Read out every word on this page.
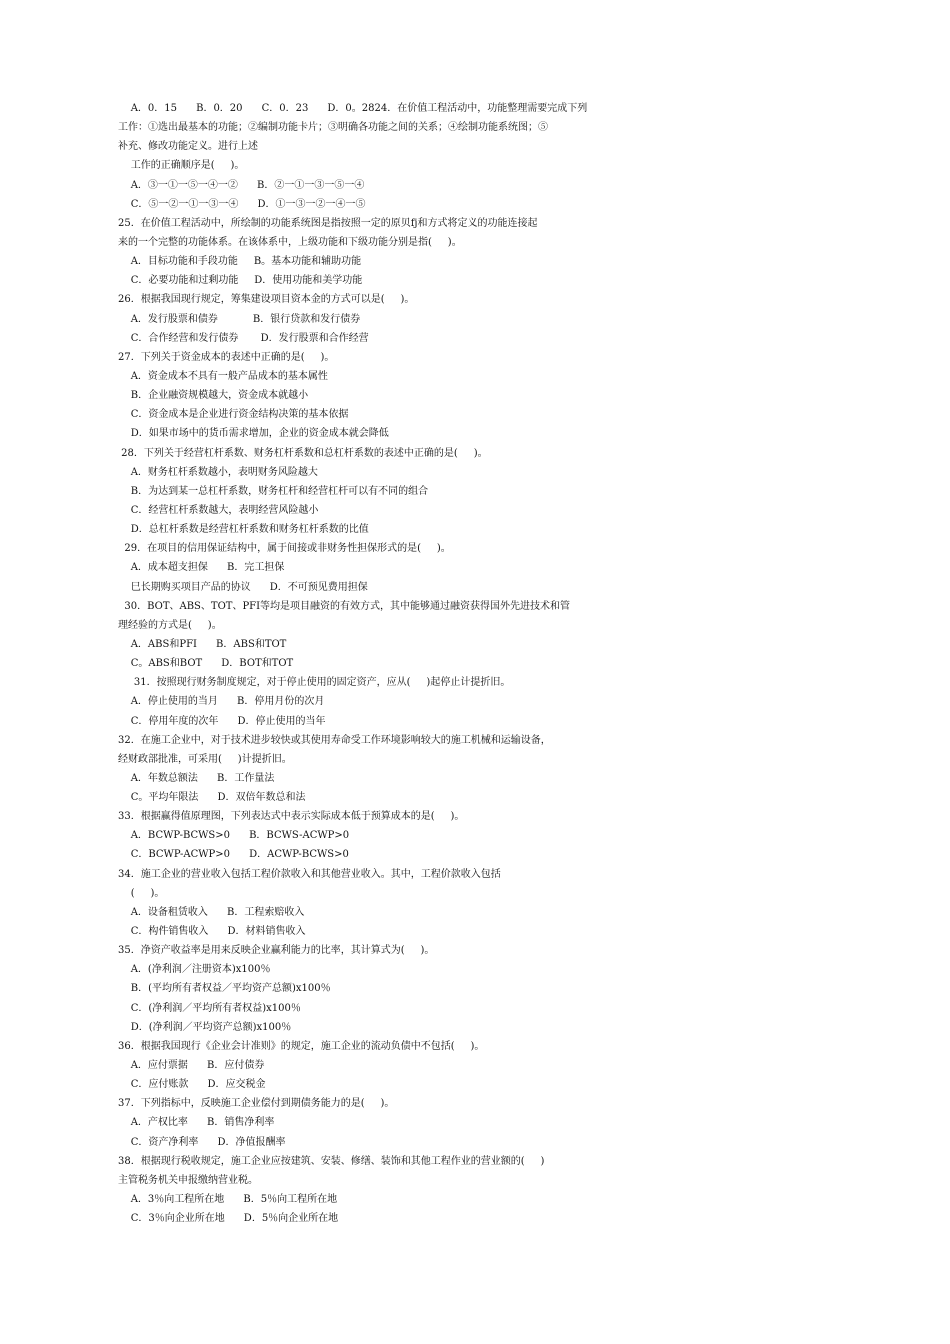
A．0．15      B．0．20      C．0．23      D．0。2824．在价值工程活动中，功能整理需要完成下列
工作：①选出最基本的功能；②编制功能卡片；③明确各功能之间的关系；④绘制功能系统图；⑤
补充、修改功能定义。进行上述
工作的正确顺序是(     )。
A．③一①一⑤一④一②      B．②一①一③一⑤一④
C．⑤一②一①一③一④      D．①一③一②一④一⑤
25．在价值工程活动中，所绘制的功能系统图是指按照一定的原贝fj和方式将定义的功能连接起
来的一个完整的功能体系。在该体系中，上级功能和下级功能分别是指(     )。
A．目标功能和手段功能     B。基本功能和辅助功能
C．必要功能和过剩功能     D．使用功能和美学功能
26．根据我国现行规定，筹集建设项目资本金的方式可以是(     )。
A．发行股票和债券           B．银行贷款和发行债券
C．合作经营和发行债券       D．发行股票和合作经营
27．下列关于资金成本的表述中正确的是(     )。
A．资金成本不具有一般产品成本的基本属性
B．企业融资规模越大，资金成本就越小
C．资金成本是企业进行资金结构决策的基本依据
D．如果市场中的货币需求增加，企业的资金成本就会降低
28．下列关于经营杠杆系数、财务杠杆系数和总杠杆系数的表述中正确的是(     )。
A．财务杠杆系数越小，表明财务风险越大
B．为达到某一总杠杆系数，财务杠杆和经营杠杆可以有不同的组合
C．经营杠杆系数越大，表明经营风险越小
D．总杠杆系数是经营杠杆系数和财务杠杆系数的比值
29．在项目的信用保证结构中，属于间接或非财务性担保形式的是(     )。
A．成本超支担保      B．完工担保
巳长期购买项目产品的协议      D．不可预见费用担保
30．BOT、ABS、TOT、PFI等均是项目融资的有效方式，其中能够通过融资获得国外先进技术和管
理经验的方式是(     )。
A．ABS和PFI      B．ABS和TOT
C。ABS和BOT      D．BOT和TOT
31．按照现行财务制度规定，对于停止使用的固定资产，应从(     )起停止计提折旧。
A．停止使用的当月      B．停用月份的次月
C．停用年度的次年      D．停止使用的当年
32．在施工企业中，对于技术进步较快或其使用寿命受工作环境影响较大的施工机械和运输设备，
经财政部批准，可采用(     )计提折旧。
A．年数总额法      B．工作量法
C。平均年限法      D．双倍年数总和法
33．根据赢得值原理图，下列表达式中表示实际成本低于预算成本的是(     )。
A．BCWP-BCWS>0      B．BCWS-ACWP>0
C．BCWP-ACWP>0      D．ACWP-BCWS>0
34．施工企业的营业收入包括工程价款收入和其他营业收入。其中，工程价款收入包括
(     )。
A．设备租赁收入      B．工程索赔收入
C．构件销售收入      D．材料销售收入
35．净资产收益率是用来反映企业赢利能力的比率，其计算式为(     )。
A．(净利润／注册资本)x100％
B．(平均所有者权益／平均资产总额)x100％
C．(净利润／平均所有者权益)x100％
D．(净利润／平均资产总额)x100％
36．根据我国现行《企业会计准则》的规定，施工企业的流动负债中不包括(     )。
A．应付票据      B．应付债券
C．应付账款      D．应交税金
37．下列指标中，反映施工企业偿付到期债务能力的是(     )。
A．产权比率      B．销售净利率
C．资产净利率      D．净值报酬率
38．根据现行税收规定，施工企业应按建筑、安装、修缮、装饰和其他工程作业的营业额的(     )
主管税务机关申报缴纳营业税。
A．3％向工程所在地      B．5％向工程所在地
C．3％向企业所在地      D．5％向企业所在地
